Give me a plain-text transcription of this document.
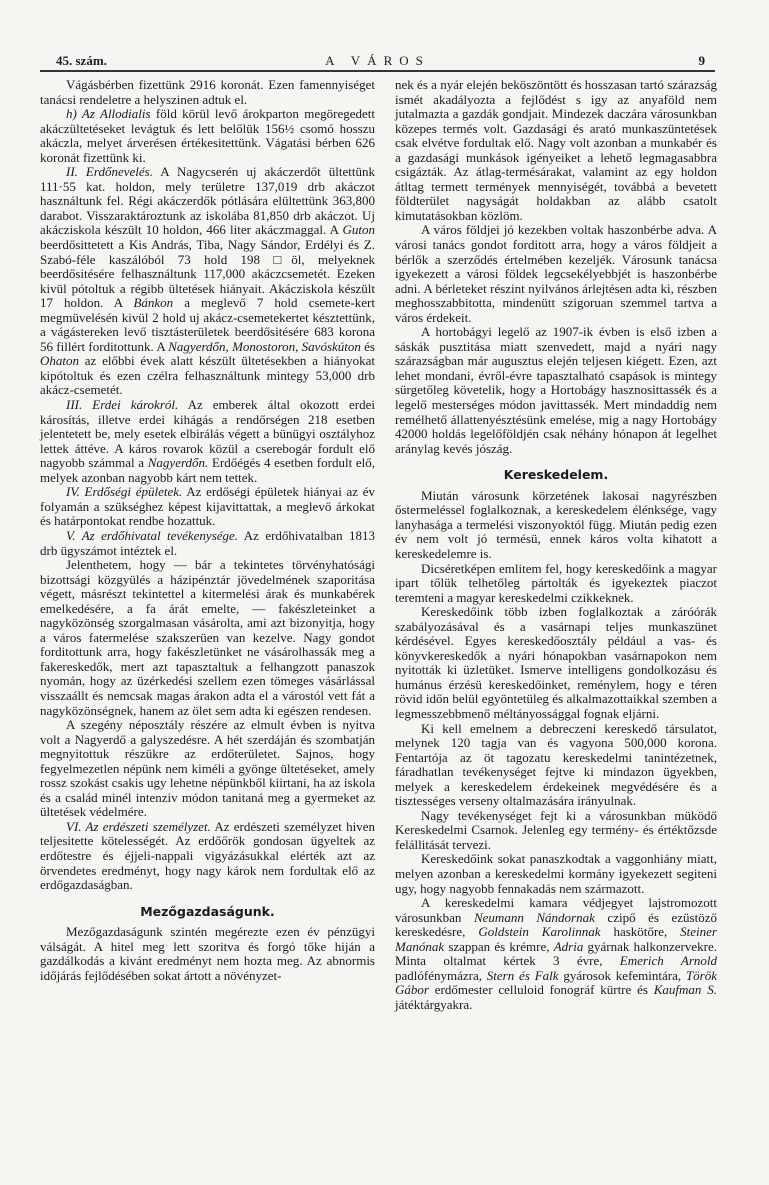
45. szám.	A VÁROS	9

Vágásbérben fizettünk 2916 koronát. Ezen famennyiséget tanácsi rendeletre a helyszinen adtuk el.

h) Az Allodialis föld körül levő árokparton megöregedett akáczültetéseket levágtuk és lett belőlük 156½ csomó hosszu akáczla, melyet árverésen értékesitettünk. Vágatási bérben 626 koronát fizettünk ki.

II. Erdőnevelés. A Nagycserén uj akáczerdőt ültettünk 111·55 kat. holdon, mely területre 137,019 drb akáczot használtunk fel. Régi akáczerdők pótlására elültettünk 363,800 darabot. Visszaraktároztunk az iskolába 81,850 drb akáczot. Uj akácziskola készült 10 holdon, 466 liter akáczmaggal. A Guton beerdősittetett a Kis András, Tiba, Nagy Sándor, Erdélyi és Z. Szabó-féle kaszálóból 73 hold 198 □öl, melyeknek beerdősitésére felhasználtunk 117,000 akáczcsemetét. Ezeken kivül pótoltuk a régibb ültetések hiányait. Akácziskola készült 17 holdon. A Bánkon a meglevő 7 hold csemete-kert megmüvelésén kivül 2 hold uj akácz-csemetekertet késztettünk, a vágástereken levő tisztásterületek beerdősitésére 683 korona 56 fillért forditottunk. A Nagyerdőn, Monostoron, Savóskúton és Ohaton az előbbi évek alatt készült ültetésekben a hiányokat kipótoltuk és ezen czélra felhasználtunk mintegy 53,000 drb akácz-csemetét.

III. Erdei károkról. Az emberek által okozott erdei károsítás, illetve erdei kihágás a rendőrségen 218 esetben jelentetett be, mely esetek elbirálás végett a bünügyi osztályhoz lettek áttéve. A káros rovarok közül a cserebogár fordult elő nagyobb számmal a Nagyerdőn. Erdőégés 4 esetben fordult elő, melyek azonban nagyobb kárt nem tettek.

IV. Erdőségi épületek. Az erdőségi épületek hiányai az év folyamán a szükséghez képest kijavittattak, a meglevő árkokat és határpontokat rendbe hozattuk.

V. Az erdőhivatal tevékenysége. Az erdőhivatalban 1813 drb ügyszámot intéztek el.

Jelenthetem, hogy — bár a tekintetes törvényhatósági bizottsági közgyülés a házipénztár jövedelmének szaporitása végett, másrészt tekintettel a kitermelési árak és munkabérek emelkedésére, a fa árát emelte, — fakészleteinket a nagyközönség szorgalmasan vásárolta, ami azt bizonyitja, hogy a város fatermelése szakszerüen van kezelve. Nagy gondot forditottunk arra, hogy fakészletünket ne vásárolhassák meg a fakereskedők, mert azt tapasztaltuk a felhangzott panaszok nyomán, hogy az üzérkedési szellem ezen tömeges vásárlással visszaállt és nemcsak magas árakon adta el a várostól vett fát a nagyközönségnek, hanem az ölet sem adta ki egészen rendesen.

A szegény néposztály részére az elmult évben is nyitva volt a Nagyerdő a galyszedésre. A hét szerdáján és szombatján megnyitottuk részükre az erdőterületet. Sajnos, hogy fegyelmezetlen népünk nem kiméli a gyönge ültetéseket, amely rossz szokást csakis ugy lehetne népünkből kiirtani, ha az iskola és a család minél intenziv módon tanitaná meg a gyermeket az ültetések védelmére.

VI. Az erdészeti személyzet. Az erdészeti személyzet hiven teljesitette kötelességét. Az erdőőrök gondosan ügyeltek az erdőtestre és éjjeli-nappali vigyázásukkal elérték azt az örvendetes eredményt, hogy nagy károk nem fordultak elő az erdőgazdaságban.

Mezőgazdaságunk.

Mezőgazdaságunk szintén megérezte ezen év pénzügyi válságát. A hitel meg lett szoritva és forgó tőke hiján a gazdálkodás a kivánt eredményt nem hozta meg. Az abnormis időjárás fejlődésében sokat ártott a növényzet-

nek és a nyár elején beköszöntött és hosszasan tartó szárazság ismét akadályozta a fejlődést s igy az anyaföld nem jutalmazta a gazdák gondjait. Mindezek daczára városunkban közepes termés volt. Gazdasági és arató munkaszüntetések csak elvétve fordultak elő. Nagy volt azonban a munkabér és a gazdasági munkások igényeiket a lehető legmagasabbra csigázták. Az átlag-termésárakat, valamint az egy holdon átltag termett termények mennyiségét, továbbá a bevetett földterület nagyságát holdakban az alább csatolt kimutatásokban közlöm.

A város földjei jó kezekben voltak haszonbérbe adva. A városi tanács gondot forditott arra, hogy a város földjeit a bérlők a szerződés értelmében kezeljék. Városunk tanácsa igyekezett a városi földek legcsekélyebbjét is haszonbérbe adni. A bérleteket részint nyilvános árlejtésen adta ki, részben meghosszabbitotta, mindenütt szigoruan szemmel tartva a város érdekeit.

A hortobágyi legelő az 1907-ik évben is első izben a sáskák pusztitása miatt szenvedett, majd a nyári nagy szárazságban már augusztus elején teljesen kiégett. Ezen, azt lehet mondani, évről-évre tapasztalható csapások is mintegy sürgetőleg követelik, hogy a Hortobágy hasznosittassék és a legelő mesterséges módon javittassék. Mert mindaddig nem remélhető állattenyésztésünk emelése, mig a nagy Hortobágy 42000 holdás legelőföldjén csak néhány hónapon át legelhet aránylag kevés jószág.

Kereskedelem.

Miután városunk körzetének lakosai nagyrészben őstermeléssel foglalkoznak, a kereskedelem élénksége, vagy lanyhasága a termelési viszonyoktól függ. Miután pedig ezen év nem volt jó termésü, ennek káros volta kihatott a kereskedelemre is.

Dicséretképen emlitem fel, hogy kereskedőink a magyar ipart tőlük telhetőleg pártolták és igyekeztek piaczot teremteni a magyar kereskedelmi czikkeknek.

Kereskedőink több izben foglalkoztak a záróórák szabályozásával és a vasárnapi teljes munkaszünet kérdésével. Egyes kereskedőosztály például a vas- és könyvkereskedők a nyári hónapokban vasárnapokon nem nyitották ki üzletüket. Ismerve intelligens gondolkozásu és humánus érzésü kereskedőinket, reménylem, hogy e téren rövid időn belül egyöntetüleg és alkalmazottaikkal szemben a legmesszebbmenő méltányossággal fognak eljárni.

Ki kell emelnem a debreczeni kereskedő társulatot, melynek 120 tagja van és vagyona 500,000 korona. Fentartója az öt tagozatu kereskedelmi tanintézetnek, fáradhatlan tevékenységet fejtve ki mindazon ügyekben, melyek a kereskedelem érdekeinek megvédésére és a tisztességes verseny oltalmazására irányulnak.

Nagy tevékenységet fejt ki a városunkban müködő Kereskedelmi Csarnok. Jelenleg egy termény- és értéktőzsde felállitását tervezi.

Kereskedőink sokat panaszkodtak a vaggonhiány miatt, melyen azonban a kereskedelmi kormány igyekezett segiteni ugy, hogy nagyobb fennakadás nem származott.

A kereskedelmi kamara védjegyet lajstromozott városunkban Neumann Nándornak czipő és ezüstöző kereskedésre, Goldstein Karolinnak haskötőre, Steiner Manónak szappan és krémre, Adria gyárnak halkonzervekre. Minta oltalmat kértek 3 évre, Emerich Arnold padlófénymázra, Stern és Falk gyárosok kefemintára, Török Gábor erdőmester celluloid fonográf kürtre és Kaufman S. játéktárgyakra.
